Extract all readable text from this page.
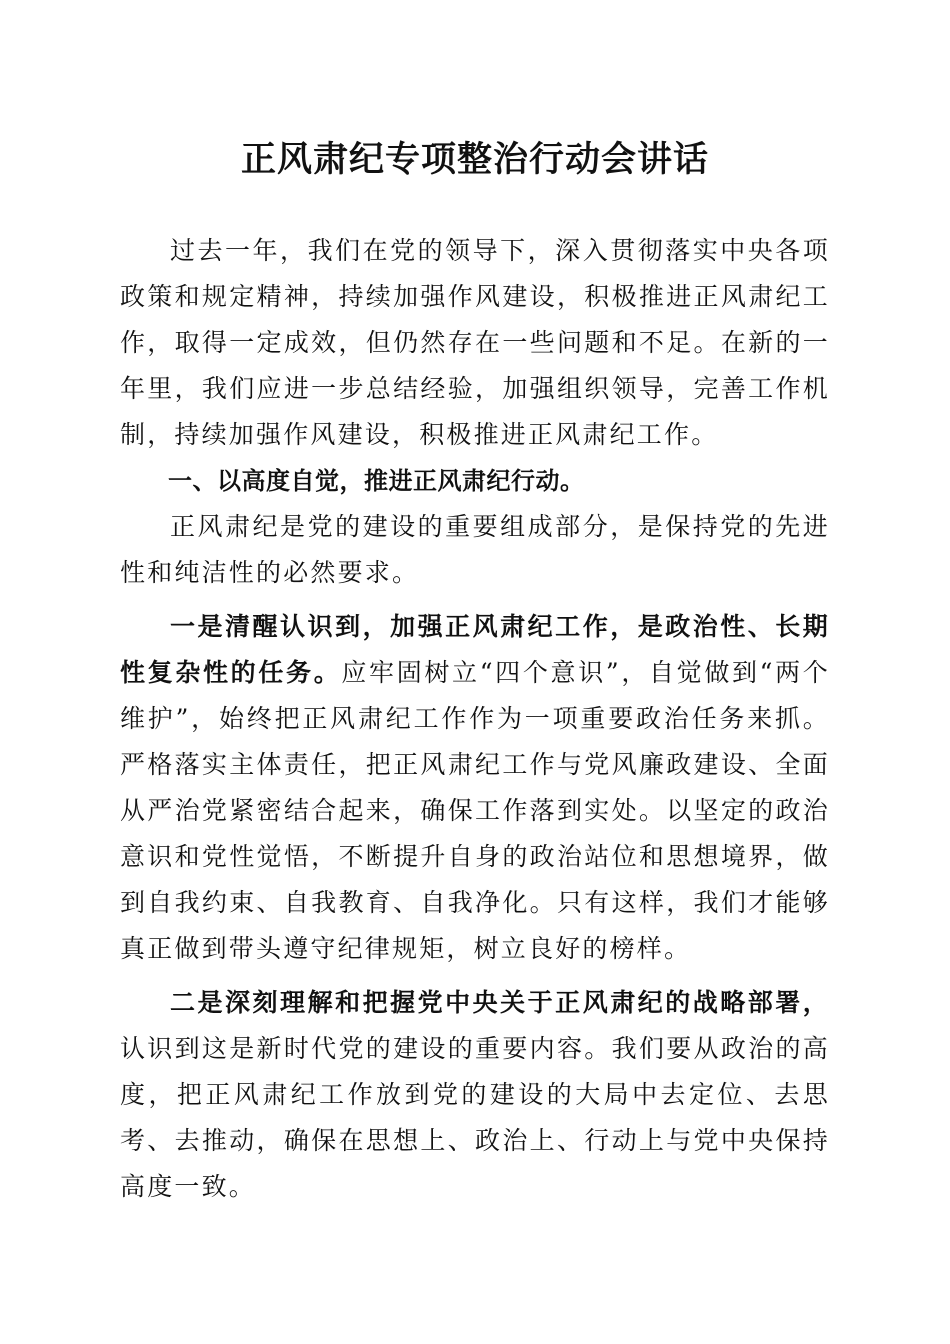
正风肃纪专项整治行动会讲话

过去一年，我们在党的领导下，深入贯彻落实中央各项政策和规定精神，持续加强作风建设，积极推进正风肃纪工作，取得一定成效，但仍然存在一些问题和不足。在新的一年里，我们应进一步总结经验，加强组织领导，完善工作机制，持续加强作风建设，积极推进正风肃纪工作。

一、以高度自觉，推进正风肃纪行动。

正风肃纪是党的建设的重要组成部分，是保持党的先进性和纯洁性的必然要求。

一是清醒认识到，加强正风肃纪工作，是政治性、长期性复杂性的任务。应牢固树立“四个意识”，自觉做到“两个维护”，始终把正风肃纪工作作为一项重要政治任务来抓。严格落实主体责任，把正风肃纪工作与党风廉政建设、全面从严治党紧密结合起来，确保工作落到实处。以坚定的政治意识和党性觉悟，不断提升自身的政治站位和思想境界，做到自我约束、自我教育、自我净化。只有这样，我们才能够真正做到带头遵守纪律规矩，树立良好的榜样。

二是深刻理解和把握党中央关于正风肃纪的战略部署，认识到这是新时代党的建设的重要内容。我们要从政治的高度，把正风肃纪工作放到党的建设的大局中去定位、去思考、去推动，确保在思想上、政治上、行动上与党中央保持高度一致。
